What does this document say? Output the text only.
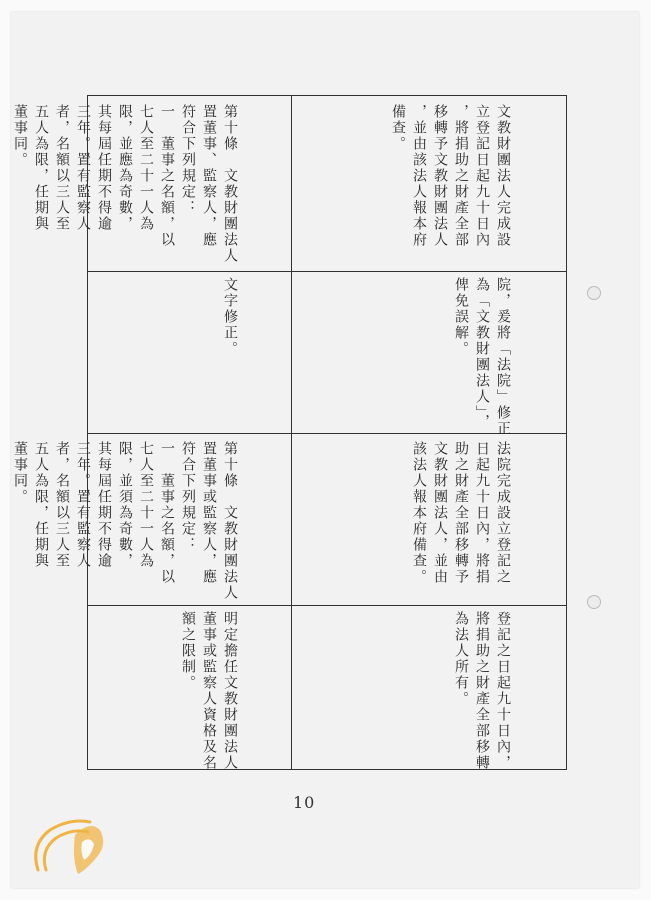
文教財團法人完成設

立登記日起九十日內

，將捐助之財產全部

移轉予文教財團法人

，並由該法人報本府

備查。

院，爰將「法院」修正

為「文教財團法人」，

俾免誤解。

第十條　文教財團法人

置董事、監察人，應

符合下列規定：

一　董事之名額，以

七人至二十一人為

限，並應為奇數，

其每屆任期不得逾

三年。置有監察人

者，名額以三人至

五人為限，任期與

董事同。

文字修正。

法院完成設立登記之

日起九十日內，將捐

助之財產全部移轉予

文教財團法人，並由

該法人報本府備查。

登記之日起九十日內，

將捐助之財產全部移轉

為法人所有。

第十條　文教財團法人

置董事或監察人，應

符合下列規定：

一　董事之名額，以

七人至二十一人為

限，並須為奇數，

其每屆任期不得逾

三年。置有監察人

者，名額以三人至

五人為限，任期與

董事同。

明定擔任文教財團法人

董事或監察人資格及名

額之限制。

10
